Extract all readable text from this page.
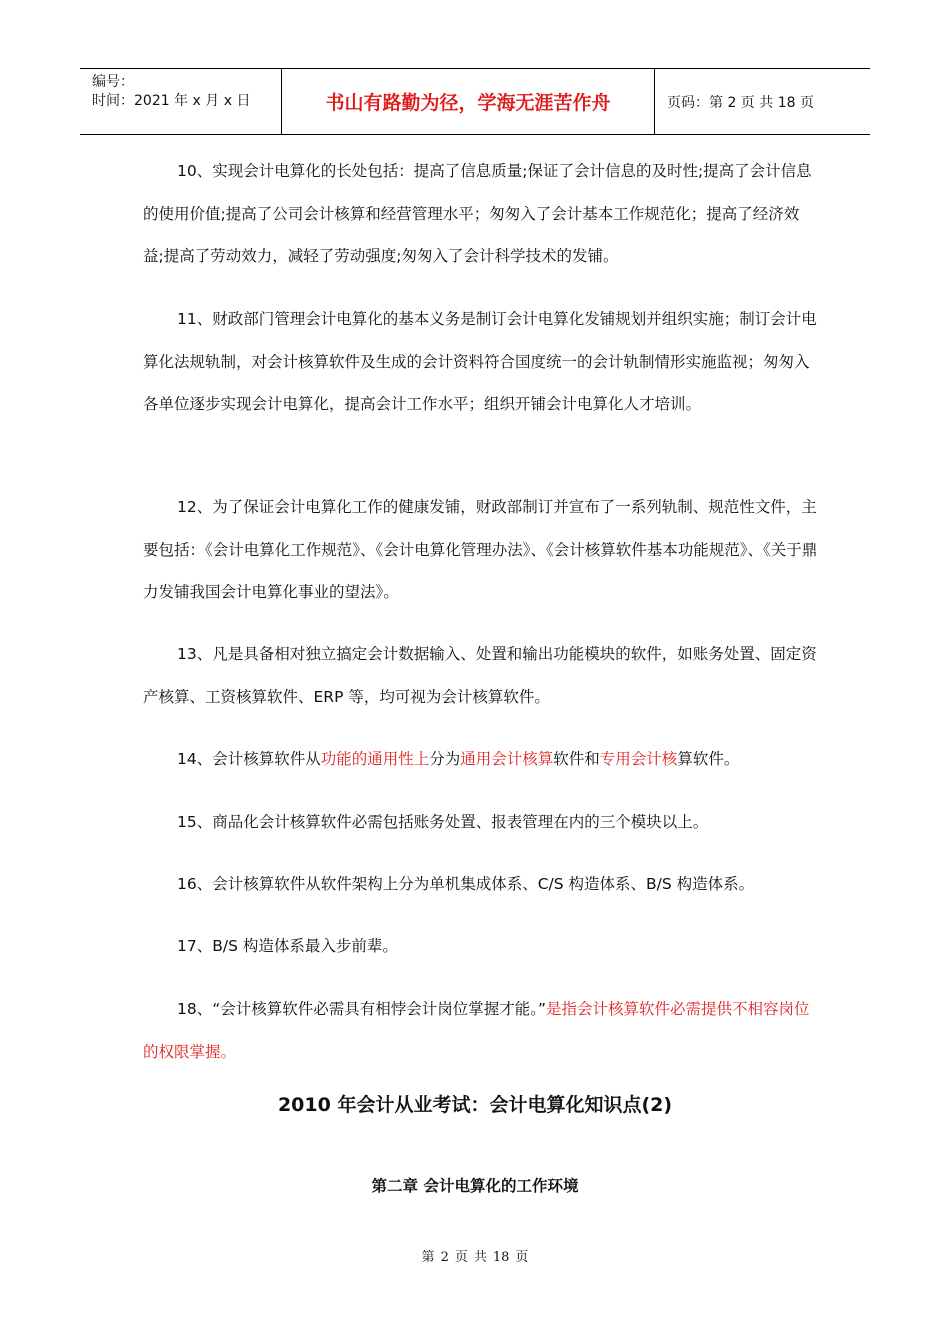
编号：
时间：2021 年 x 月 x 日	书山有路勤为径，学海无涯苦作舟	页码：第 2 页 共 18 页

10、实现会计电算化的长处包括：提高了信息质量;保证了会计信息的及时性;提高了会计信息的使用价值;提高了公司会计核算和经营管理水平；匆匆入了会计基本工作规范化；提高了经济效益;提高了劳动效力，减轻了劳动强度;匆匆入了会计科学技术的发铺。

11、财政部门管理会计电算化的基本义务是制订会计电算化发铺规划并组织实施；制订会计电算化法规轨制，对会计核算软件及生成的会计资料符合国度统一的会计轨制情形实施监视；匆匆入各单位逐步实现会计电算化，提高会计工作水平；组织开铺会计电算化人才培训。

12、为了保证会计电算化工作的健康发铺，财政部制订并宣布了一系列轨制、规范性文件，主要包括：《会计电算化工作规范》、《会计电算化管理办法》、《会计核算软件基本功能规范》、《关于鼎力发铺我国会计电算化事业的望法》。

13、凡是具备相对独立搞定会计数据输入、处置和输出功能模块的软件，如账务处置、固定资产核算、工资核算软件、ERP 等，均可视为会计核算软件。

14、会计核算软件从功能的通用性上分为通用会计核算软件和专用会计核算软件。

15、商品化会计核算软件必需包括账务处置、报表管理在内的三个模块以上。

16、会计核算软件从软件架构上分为单机集成体系、C/S 构造体系、B/S 构造体系。

17、B/S 构造体系最入步前辈。

18、“会计核算软件必需具有相悖会计岗位掌握才能。”是指会计核算软件必需提供不相容岗位的权限掌握。

2010 年会计从业考试：会计电算化知识点(2)
第二章 会计电算化的工作环境
第 2 页 共 18 页
